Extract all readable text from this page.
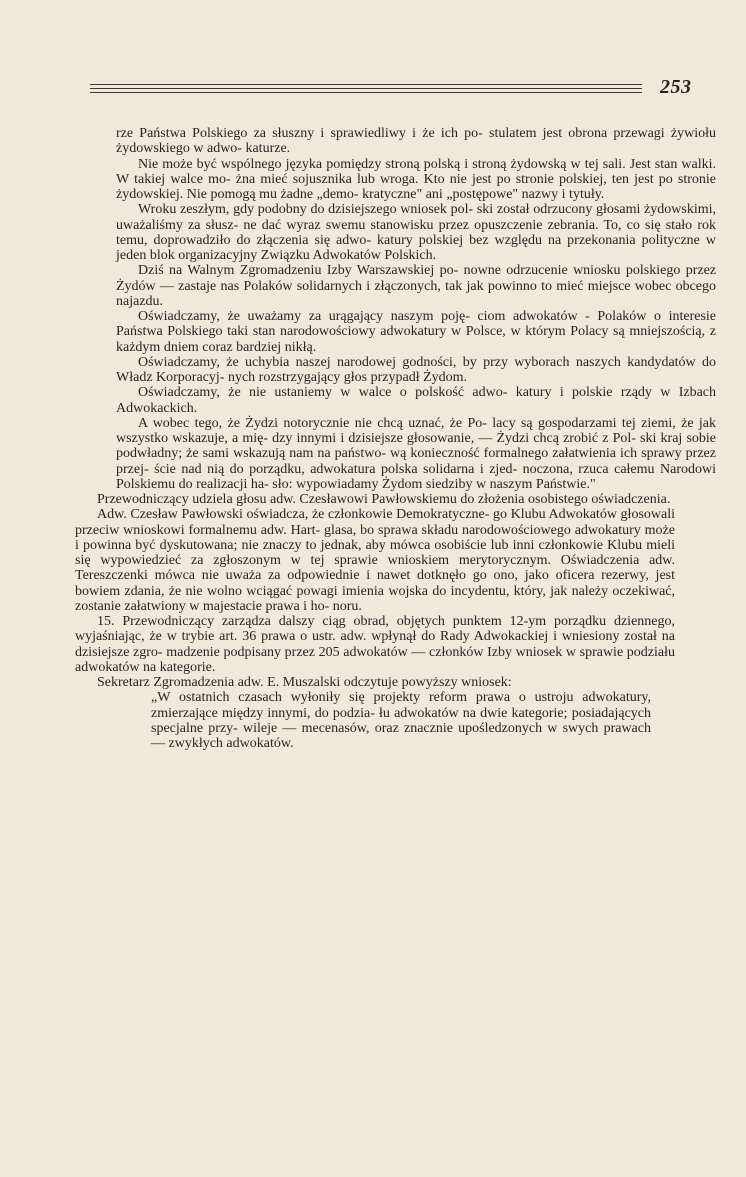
253

rze Państwa Polskiego za słuszny i sprawiedliwy i że ich po- stulatem jest obrona przewagi żywiołu żydowskiego w adwo- katurze.

Nie może być wspólnego języka pomiędzy stroną polską i stroną żydowską w tej sali. Jest stan walki. W takiej walce mo- żna mieć sojusznika lub wroga. Kto nie jest po stronie polskiej, ten jest po stronie żydowskiej. Nie pomogą mu żadne „demo- kratyczne" ani „postępowe" nazwy i tytuły.

Wroku zeszłym, gdy podobny do dzisiejszego wniosek pol- ski został odrzucony głosami żydowskimi, uważaliśmy za słusz- ne dać wyraz swemu stanowisku przez opuszczenie zebrania. To, co się stało rok temu, doprowadziło do złączenia się adwo- katury polskiej bez względu na przekonania polityczne w jeden blok organizacyjny Związku Adwokatów Polskich.

Dziś na Walnym Zgromadzeniu Izby Warszawskiej po- nowne odrzucenie wniosku polskiego przez Żydów — zastaje nas Polaków solidarnych i złączonych, tak jak powinno to mieć miejsce wobec obcego najazdu.

Oświadczamy, że uważamy za urągający naszym poję- ciom adwokatów - Polaków o interesie Państwa Polskiego taki stan narodowościowy adwokatury w Polsce, w którym Polacy są mniejszością, z każdym dniem coraz bardziej nikłą.

Oświadczamy, że uchybia naszej narodowej godności, by przy wyborach naszych kandydatów do Władz Korporacyj- nych rozstrzygający głos przypadł Żydom.

Oświadczamy, że nie ustaniemy w walce o polskość adwo- katury i polskie rządy w Izbach Adwokackich.

A wobec tego, że Żydzi notorycznie nie chcą uznać, że Po- lacy są gospodarzami tej ziemi, że jak wszystko wskazuje, a mię- dzy innymi i dzisiejsze głosowanie, — Żydzi chcą zrobić z Pol- ski kraj sobie podwładny; że sami wskazują nam na państwo- wą konieczność formalnego załatwienia ich sprawy przez przej- ście nad nią do porządku, adwokatura polska solidarna i zjed- noczona, rzuca całemu Narodowi Polskiemu do realizacji ha- sło: wypowiadamy Żydom siedziby w naszym Państwie."

Przewodniczący udziela głosu adw. Czesławowi Pawłowskiemu do złożenia osobistego oświadczenia.

Adw. Czesław Pawłowski oświadcza, że członkowie Demokratyczne- go Klubu Adwokatów głosowali przeciw wnioskowi formalnemu adw. Hart- glasa, bo sprawa składu narodowościowego adwokatury może i powinna być dyskutowana; nie znaczy to jednak, aby mówca osobiście lub inni członkowie Klubu mieli się wypowiedzieć za zgłoszonym w tej sprawie wnioskiem merytorycznym. Oświadczenia adw. Tereszczenki mówca nie uważa za odpowiednie i nawet dotknęło go ono, jako oficera rezerwy, jest bowiem zdania, że nie wolno wciągać powagi imienia wojska do incydentu, który, jak należy oczekiwać, zostanie załatwiony w majestacie prawa i ho- noru.

15. Przewodniczący zarządza dalszy ciąg obrad, objętych punktem 12-ym porządku dziennego, wyjaśniając, że w trybie art. 36 prawa o ustr. adw. wpłynął do Rady Adwokackiej i wniesiony został na dzisiejsze zgro- madzenie podpisany przez 205 adwokatów — członków Izby wniosek w sprawie podziału adwokatów na kategorie.

Sekretarz Zgromadzenia adw. E. Muszalski odczytuje powyższy wniosek:

„W ostatnich czasach wyłoniły się projekty reform prawa o ustroju adwokatury, zmierzające między innymi, do podzia- łu adwokatów na dwie kategorie; posiadających specjalne przy- wileje — mecenasów, oraz znacznie upośledzonych w swych prawach — zwykłych adwokatów.
